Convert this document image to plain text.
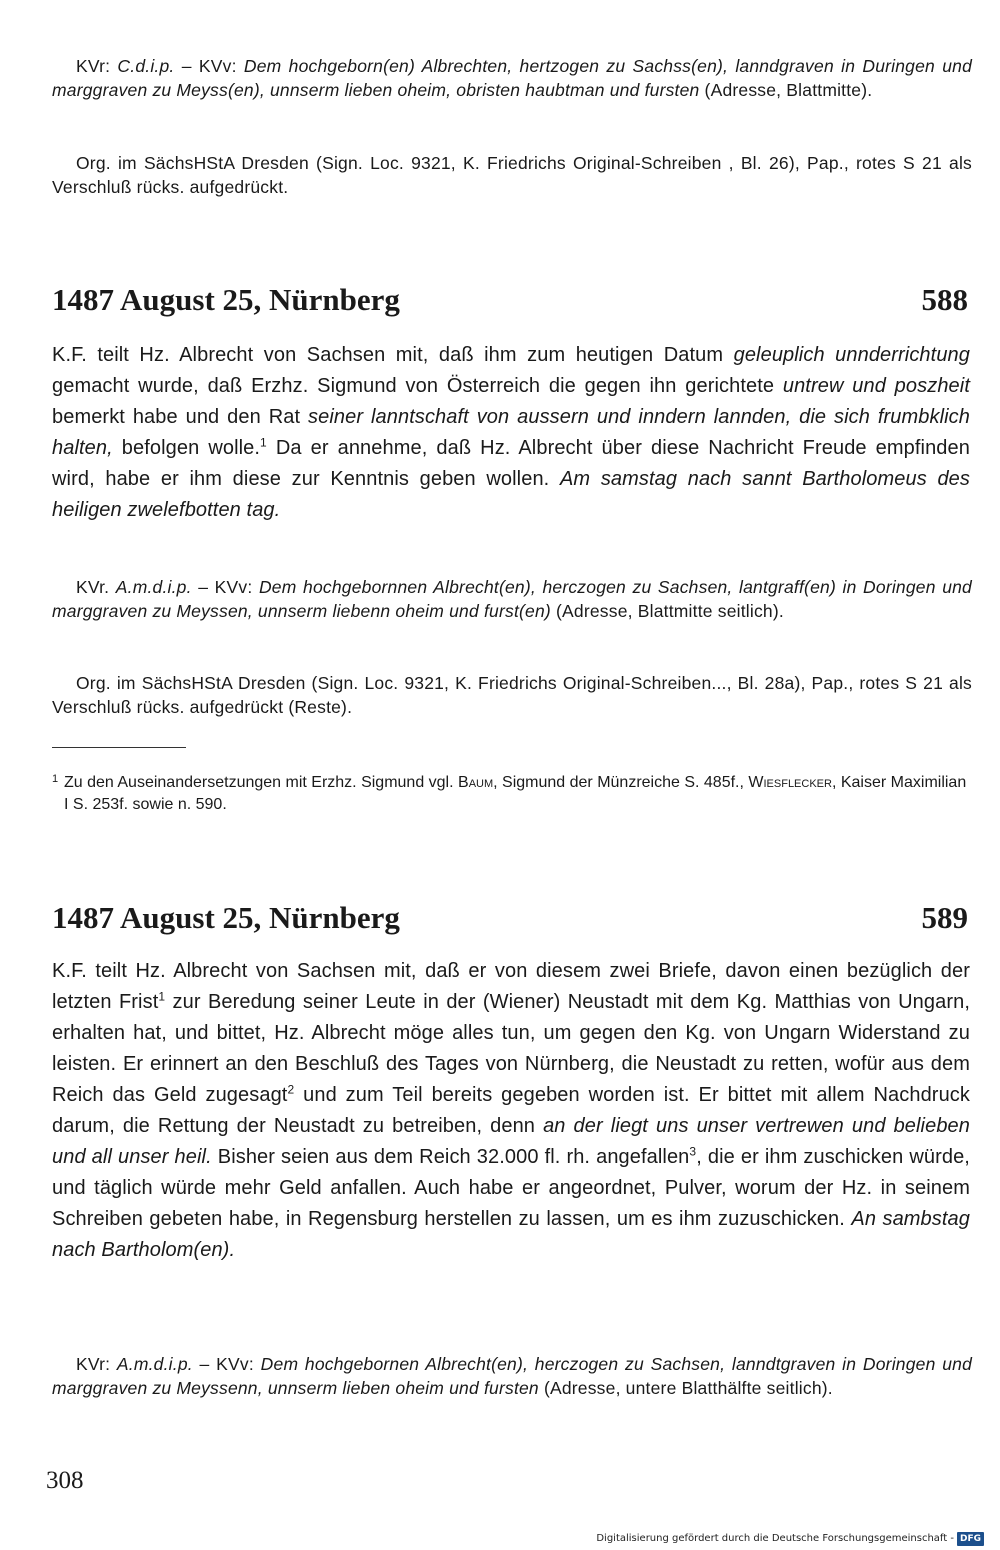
KVr: C.d.i.p. – KVv: Dem hochgeborn(en) Albrechten, hertzogen zu Sachss(en), lanndgraven in Duringen und marggraven zu Meyss(en), unnserm lieben oheim, obristen haubtman und fursten (Adresse, Blattmitte).

Org. im SächsHStA Dresden (Sign. Loc. 9321, K. Friedrichs Original-Schreiben , Bl. 26), Pap., rotes S 21 als Verschluß rücks. aufgedrückt.

1487 August 25, Nürnberg	588

K.F. teilt Hz. Albrecht von Sachsen mit, daß ihm zum heutigen Datum geleuplich unnderrichtung gemacht wurde, daß Erzhz. Sigmund von Österreich die gegen ihn gerichtete untrew und poszheit bemerkt habe und den Rat seiner lanntschaft von aussern und inndern lannden, die sich frumbklich halten, befolgen wolle.$^1$ Da er annehme, daß Hz. Albrecht über diese Nachricht Freude empfinden wird, habe er ihm diese zur Kenntnis geben wollen. Am samstag nach sannt Bartholomeus des heiligen zwelefbotten tag.

KVr. A.m.d.i.p. – KVv: Dem hochgebornnen Albrecht(en), herczogen zu Sachsen, lantgraff(en) in Doringen und marggraven zu Meyssen, unnserm liebenn oheim und furst(en) (Adresse, Blattmitte seitlich).

Org. im SächsHStA Dresden (Sign. Loc. 9321, K. Friedrichs Original-Schreiben..., Bl. 28a), Pap., rotes S 21 als Verschluß rücks. aufgedrückt (Reste).

1 Zu den Auseinandersetzungen mit Erzhz. Sigmund vgl. Baum, Sigmund der Münzreiche S. 485f., Wiesflecker, Kaiser Maximilian I S. 253f. sowie n. 590.

1487 August 25, Nürnberg	589

K.F. teilt Hz. Albrecht von Sachsen mit, daß er von diesem zwei Briefe, davon einen bezüglich der letzten Frist$^1$ zur Beredung seiner Leute in der (Wiener) Neustadt mit dem Kg. Matthias von Ungarn, erhalten hat, und bittet, Hz. Albrecht möge alles tun, um gegen den Kg. von Ungarn Widerstand zu leisten. Er erinnert an den Beschluß des Tages von Nürnberg, die Neustadt zu retten, wofür aus dem Reich das Geld zugesagt$^2$ und zum Teil bereits gegeben worden ist. Er bittet mit allem Nachdruck darum, die Rettung der Neustadt zu betreiben, denn an der liegt uns unser vertrewen und belieben und all unser heil. Bisher seien aus dem Reich 32.000 fl. rh. angefallen$^3$, die er ihm zuschicken würde, und täglich würde mehr Geld anfallen. Auch habe er angeordnet, Pulver, worum der Hz. in seinem Schreiben gebeten habe, in Regensburg herstellen zu lassen, um es ihm zuzuschicken. An sambstag nach Bartholom(en).

KVr: A.m.d.i.p. – KVv: Dem hochgebornen Albrecht(en), herczogen zu Sachsen, lanndtgraven in Doringen und marggraven zu Meyssenn, unnserm lieben oheim und fursten (Adresse, untere Blatthälfte seitlich).

308
Digitalisierung gefördert durch die Deutsche Forschungsgemeinschaft - DFG
